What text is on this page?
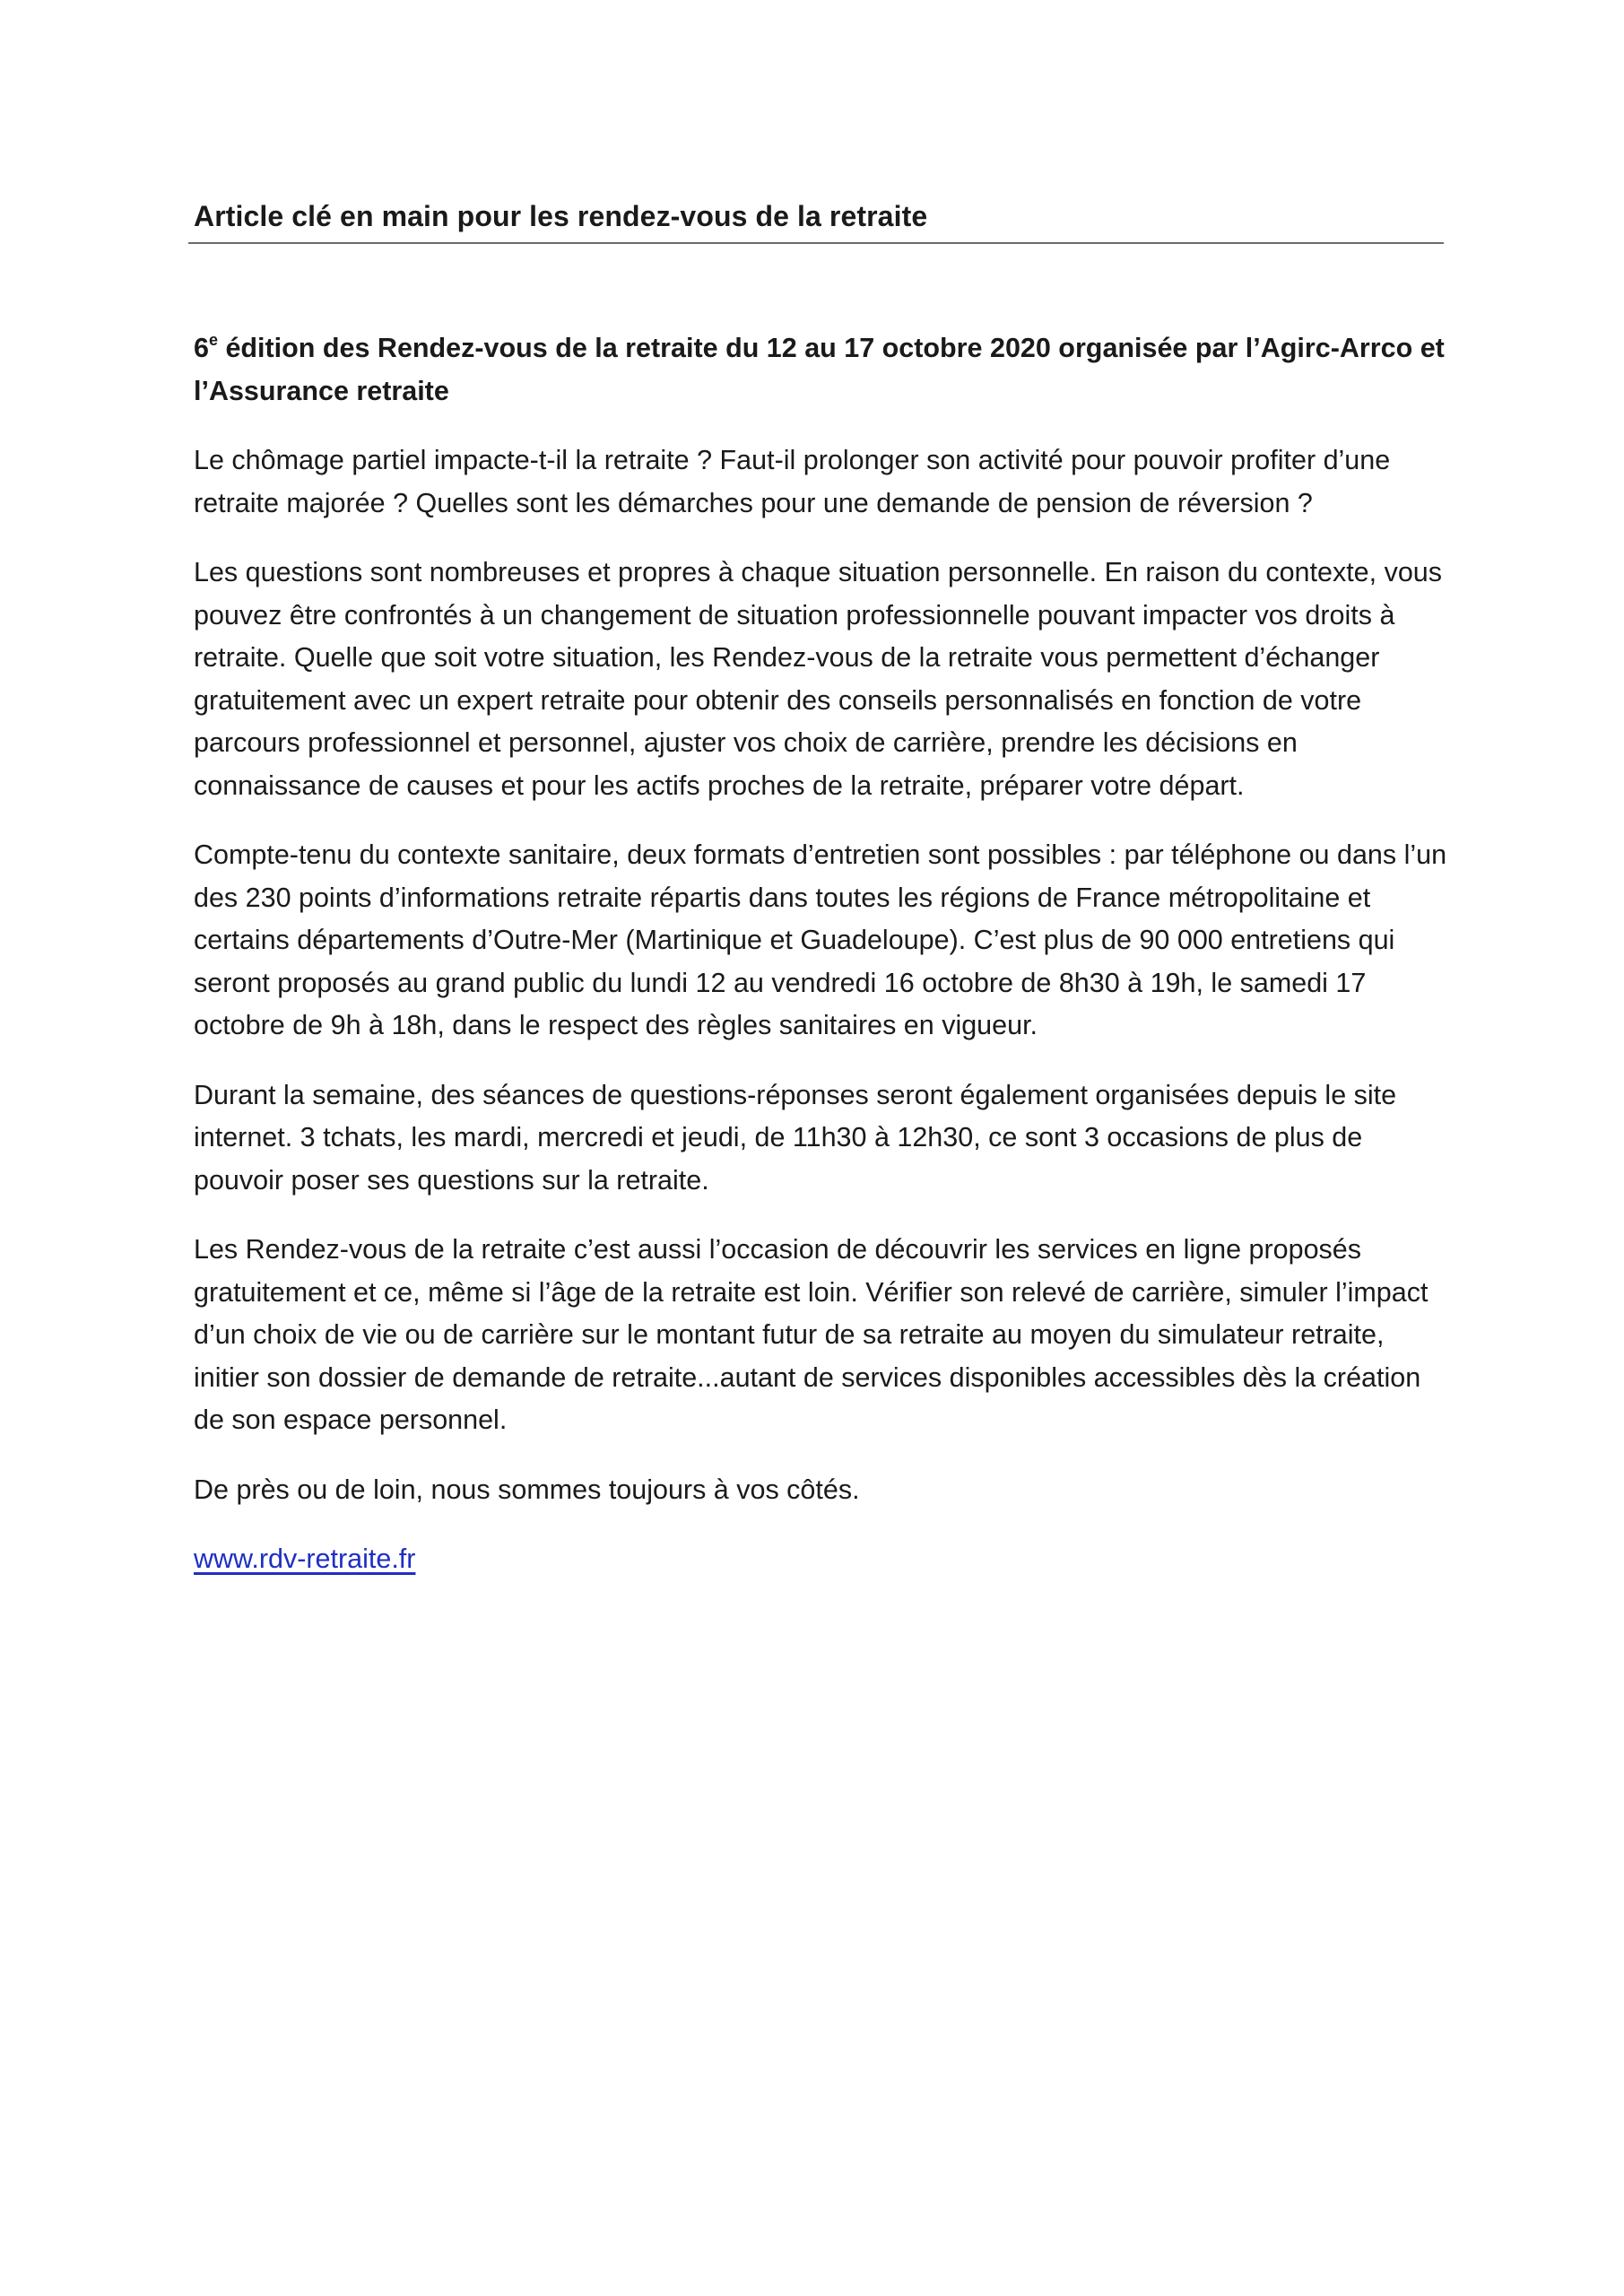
Article clé en main pour les rendez-vous de la retraite

6e édition des Rendez-vous de la retraite du 12 au 17 octobre 2020 organisée par l’Agirc-Arrco et l’Assurance retraite

Le chômage partiel impacte-t-il la retraite ? Faut-il prolonger son activité pour pouvoir profiter d’une retraite majorée ? Quelles sont les démarches pour une demande de pension de réversion ?

Les questions sont nombreuses et propres à chaque situation personnelle. En raison du contexte, vous pouvez être confrontés à un changement de situation professionnelle pouvant impacter vos droits à retraite. Quelle que soit votre situation, les Rendez-vous de la retraite vous permettent d’échanger gratuitement avec un expert retraite pour obtenir des conseils personnalisés en fonction de votre parcours professionnel et personnel, ajuster vos choix de carrière, prendre les décisions en connaissance de causes et pour les actifs proches de la retraite, préparer votre départ.

Compte-tenu du contexte sanitaire, deux formats d’entretien sont possibles : par téléphone ou dans l’un des 230 points d’informations retraite répartis dans toutes les régions de France métropolitaine et certains départements d’Outre-Mer (Martinique et Guadeloupe). C’est plus de 90 000 entretiens qui seront proposés au grand public du lundi 12 au vendredi 16 octobre de 8h30 à 19h, le samedi 17 octobre de 9h à 18h, dans le respect des règles sanitaires en vigueur.

Durant la semaine, des séances de questions-réponses seront également organisées depuis le site internet. 3 tchats, les mardi, mercredi et jeudi, de 11h30 à 12h30, ce sont 3 occasions de plus de pouvoir poser ses questions sur la retraite.

Les Rendez-vous de la retraite c’est aussi l’occasion de découvrir les services en ligne proposés gratuitement et ce, même si l’âge de la retraite est loin. Vérifier son relevé de carrière, simuler l’impact d’un choix de vie ou de carrière sur le montant futur de sa retraite au moyen du simulateur retraite, initier son dossier de demande de retraite...autant de services disponibles accessibles dès la création de son espace personnel.

De près ou de loin, nous sommes toujours à vos côtés.

www.rdv-retraite.fr
